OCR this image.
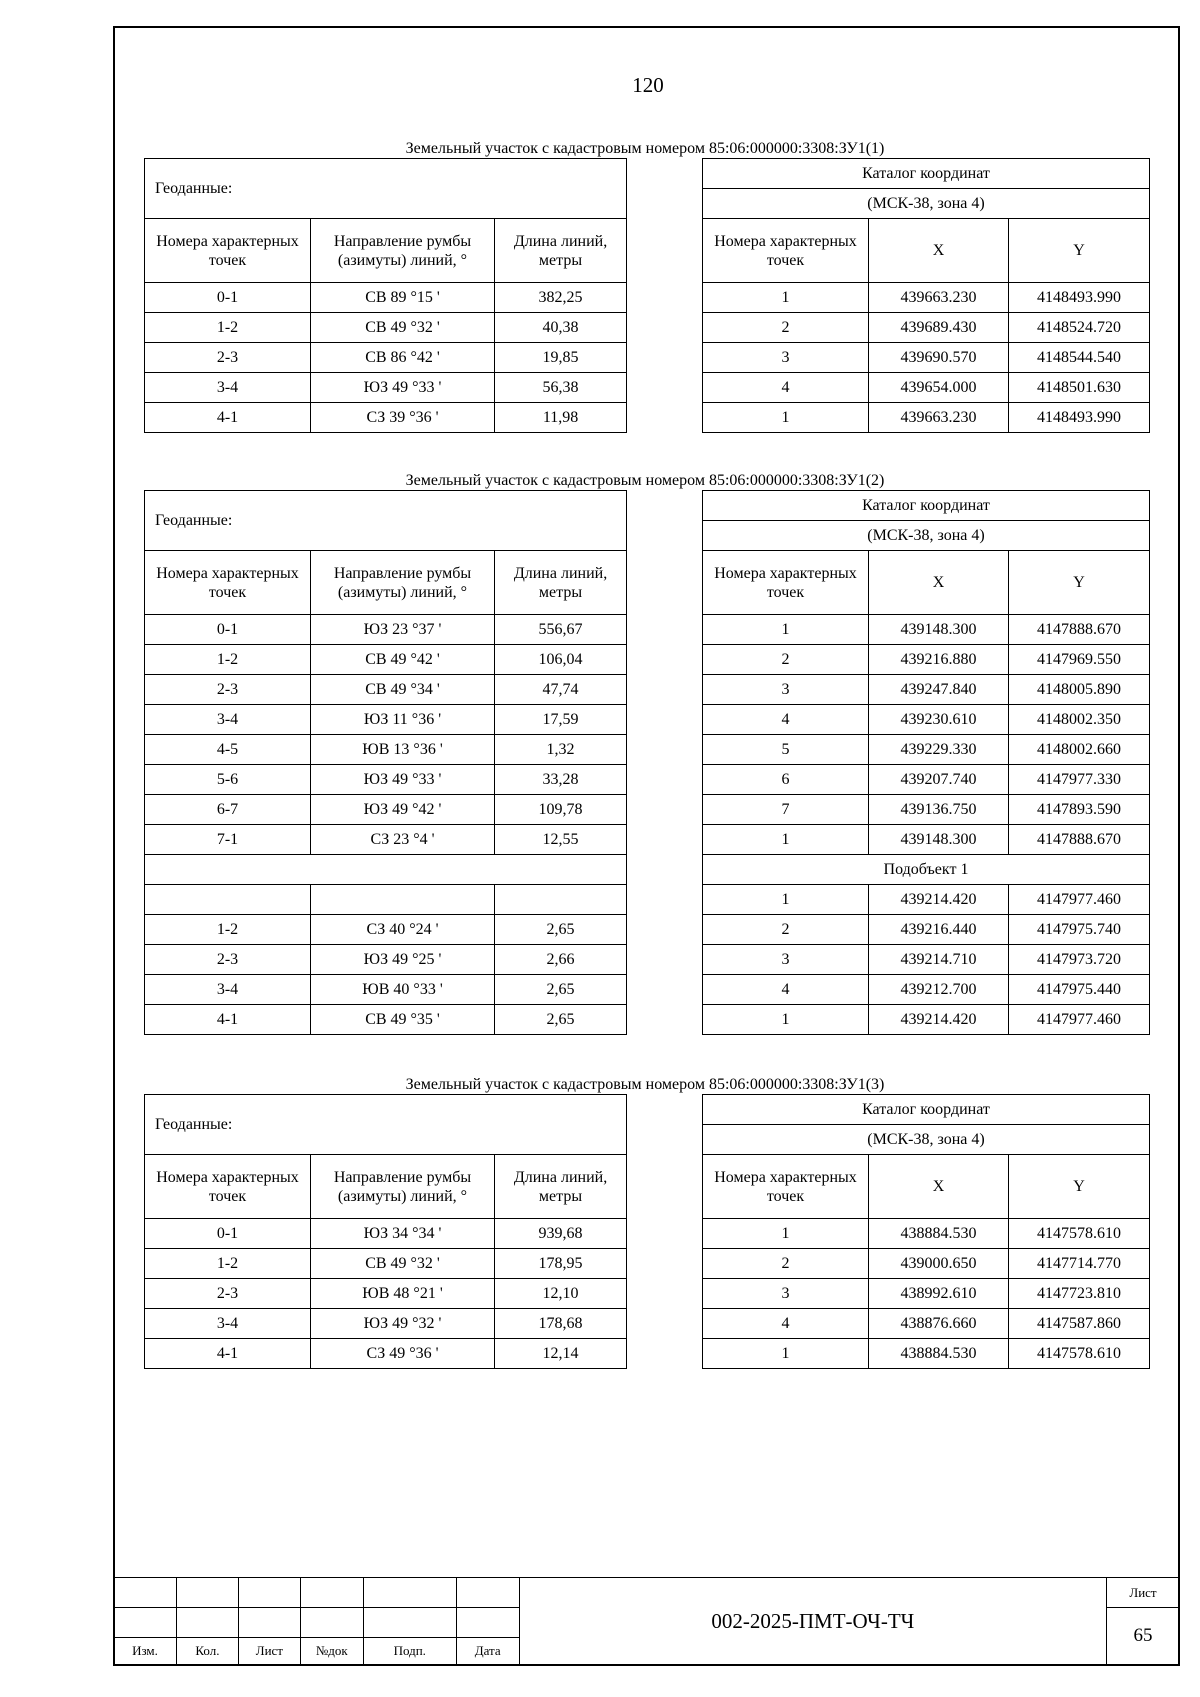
120
Земельный участок с кадастровым номером 85:06:000000:3308:ЗУ1(1)
Геоданные:		
Номера характерных точек	Направление румбы (азимуты) линий, °	Длина линий, метры
0-1	СВ 89 °15 '	382,25
1-2	СВ 49 °32 '	40,38
2-3	СВ 86 °42 '	19,85
3-4	ЮЗ 49 °33 '	56,38
4-1	СЗ 39 °36 '	11,98
Каталог координат		
(МСК-38, зона 4)		
Номера характерных точек	X	Y
1	439663.230	4148493.990
2	439689.430	4148524.720
3	439690.570	4148544.540
4	439654.000	4148501.630
1	439663.230	4148493.990
Земельный участок с кадастровым номером 85:06:000000:3308:ЗУ1(2)
Геоданные:		
Номера характерных точек	Направление румбы (азимуты) линий, °	Длина линий, метры
0-1	ЮЗ 23 °37 '	556,67
1-2	СВ 49 °42 '	106,04
2-3	СВ 49 °34 '	47,74
3-4	ЮЗ 11 °36 '	17,59
4-5	ЮВ 13 °36 '	1,32
5-6	ЮЗ 49 °33 '	33,28
6-7	ЮЗ 49 °42 '	109,78
7-1	СЗ 23 °4 '	12,55

1-2	СЗ 40 °24 '	2,65
2-3	ЮЗ 49 °25 '	2,66
3-4	ЮВ 40 °33 '	2,65
4-1	СВ 49 °35 '	2,65
Каталог координат		
(МСК-38, зона 4)		
Номера характерных точек	X	Y
1	439148.300	4147888.670
2	439216.880	4147969.550
3	439247.840	4148005.890
4	439230.610	4148002.350
5	439229.330	4148002.660
6	439207.740	4147977.330
7	439136.750	4147893.590
1	439148.300	4147888.670
Подобъект 1		
1	439214.420	4147977.460
2	439216.440	4147975.740
3	439214.710	4147973.720
4	439212.700	4147975.440
1	439214.420	4147977.460
Земельный участок с кадастровым номером 85:06:000000:3308:ЗУ1(3)
Геоданные:		
Номера характерных точек	Направление румбы (азимуты) линий, °	Длина линий, метры
0-1	ЮЗ 34 °34 '	939,68
1-2	СВ 49 °32 '	178,95
2-3	ЮВ 48 °21 '	12,10
3-4	ЮЗ 49 °32 '	178,68
4-1	СЗ 49 °36 '	12,14
Каталог координат		
(МСК-38, зона 4)		
Номера характерных точек	X	Y
1	438884.530	4147578.610
2	439000.650	4147714.770
3	438992.610	4147723.810
4	438876.660	4147587.860
1	438884.530	4147578.610
						002-2025-ПМТ-ОЧ-ТЧ	Лист
							65
Изм.	Кол.	Лист	№док	Подп.	Дата		
